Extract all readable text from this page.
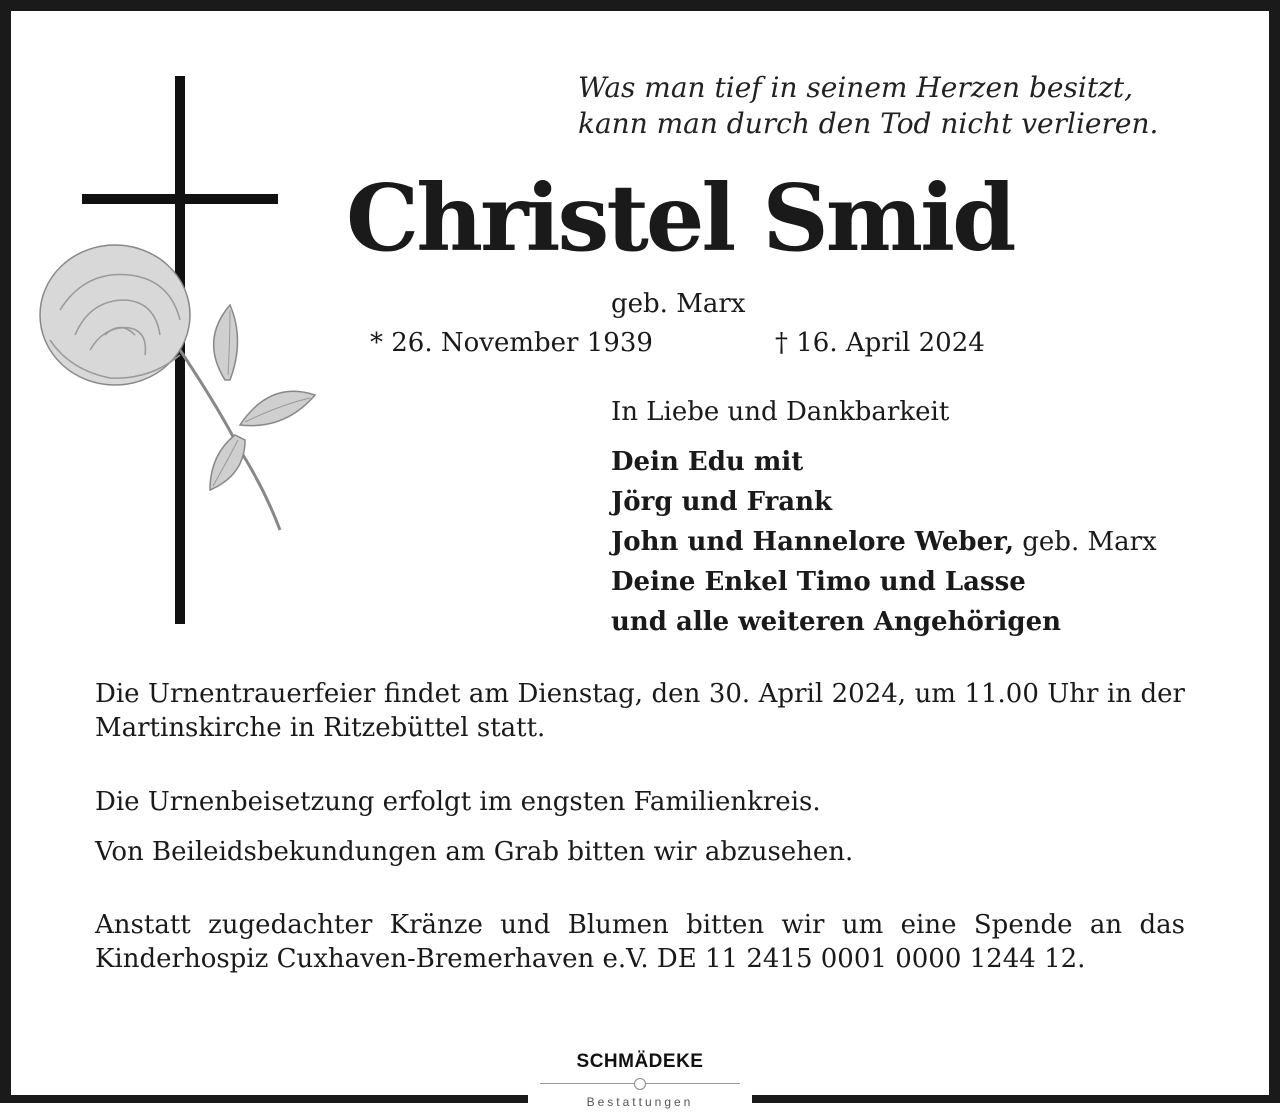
Was man tief in seinem Herzen besitzt,
kann man durch den Tod nicht verlieren.
Christel Smid
geb. Marx
* 26. November 1939	† 16. April 2024
In Liebe und Dankbarkeit
Dein Edu mit
Jörg und Frank
John und Hannelore Weber, geb. Marx
Deine Enkel Timo und Lasse
und alle weiteren Angehörigen
Die Urnentrauerfeier findet am Dienstag, den 30. April 2024, um 11.00 Uhr in der Martinskirche in Ritzebüttel statt.
Die Urnenbeisetzung erfolgt im engsten Familienkreis.
Von Beileidsbekundungen am Grab bitten wir abzusehen.
Anstatt zugedachter Kränze und Blumen bitten wir um eine Spende an das Kinderhospiz Cuxhaven-Bremerhaven e.V. DE 11 2415 0001 0000 1244 12.
SCHMÄDEKE
Bestattungen
